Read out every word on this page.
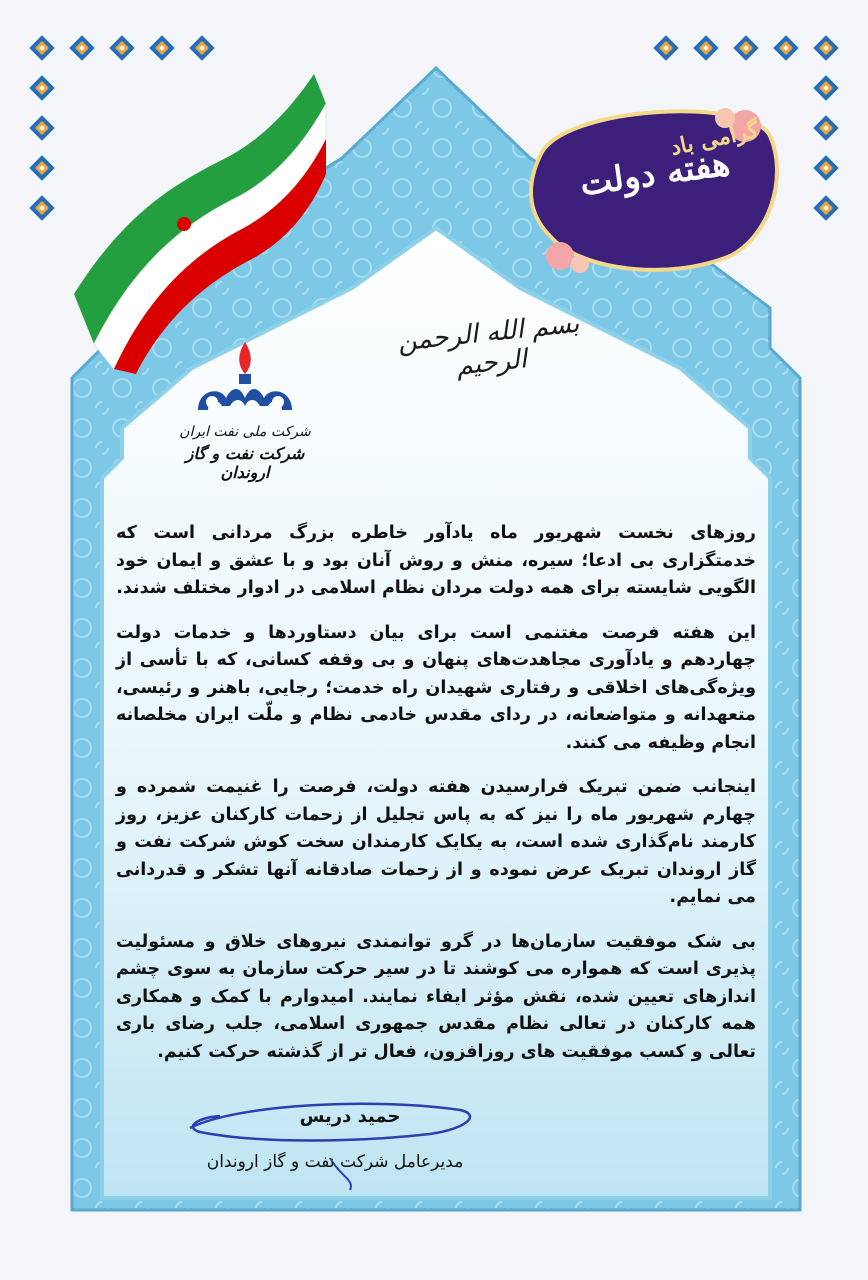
گرامی باد
هفته دولت
بسم الله الرحمن الرحیم
شرکت ملی نفت ایران
شرکت نفت و گاز اروندان

روزهای نخست شهریور ماه یادآور خاطره بزرگ مردانی است که خدمتگزاری بی ادعا؛ سیره، منش و روش آنان بود و با عشق و ایمان خود الگویی شایسته برای همه دولت مردان نظام اسلامی در ادوار مختلف شدند.

این هفته فرصت مغتنمی است برای بیان دستاوردها و خدمات دولت چهاردهم و یادآوری مجاهدت‌های پنهان و بی وقفه کسانی، که با تأسی از ویژه‌گی‌های اخلاقی و رفتاری شهیدان راه خدمت؛ رجایی، باهنر و رئیسی، متعهدانه و متواضعانه، در ردای مقدس خادمی نظام و ملّت ایران مخلصانه انجام وظیفه می کنند.

اینجانب ضمن تبریک فرارسیدن هفته دولت، فرصت را غنیمت شمرده و چهارم شهریور ماه را نیز که به پاس تجلیل از زحمات کارکنان عزیز، روز کارمند نام‌گذاری شده است، به یکایک کارمندان سخت کوش شرکت نفت و گاز اروندان تبریک عرض نموده و از زحمات صادقانه آنها تشکر و قدردانی می نمایم.

بی شک موفقیت سازمان‌ها در گرو توانمندی نیروهای خلاق و مسئولیت پذیری است که همواره می کوشند تا در سیر حرکت سازمان به سوی چشم اندازهای تعیین شده، نقش مؤثر ایفاء نمایند. امیدوارم با کمک و همکاری همه کارکنان در تعالی نظام مقدس جمهوری اسلامی، جلب رضای باری تعالی و کسب موفقیت های روزافزون، فعال تر از گذشته حرکت کنیم.

حمید دریس
مدیرعامل شرکت نفت و گاز اروندان
